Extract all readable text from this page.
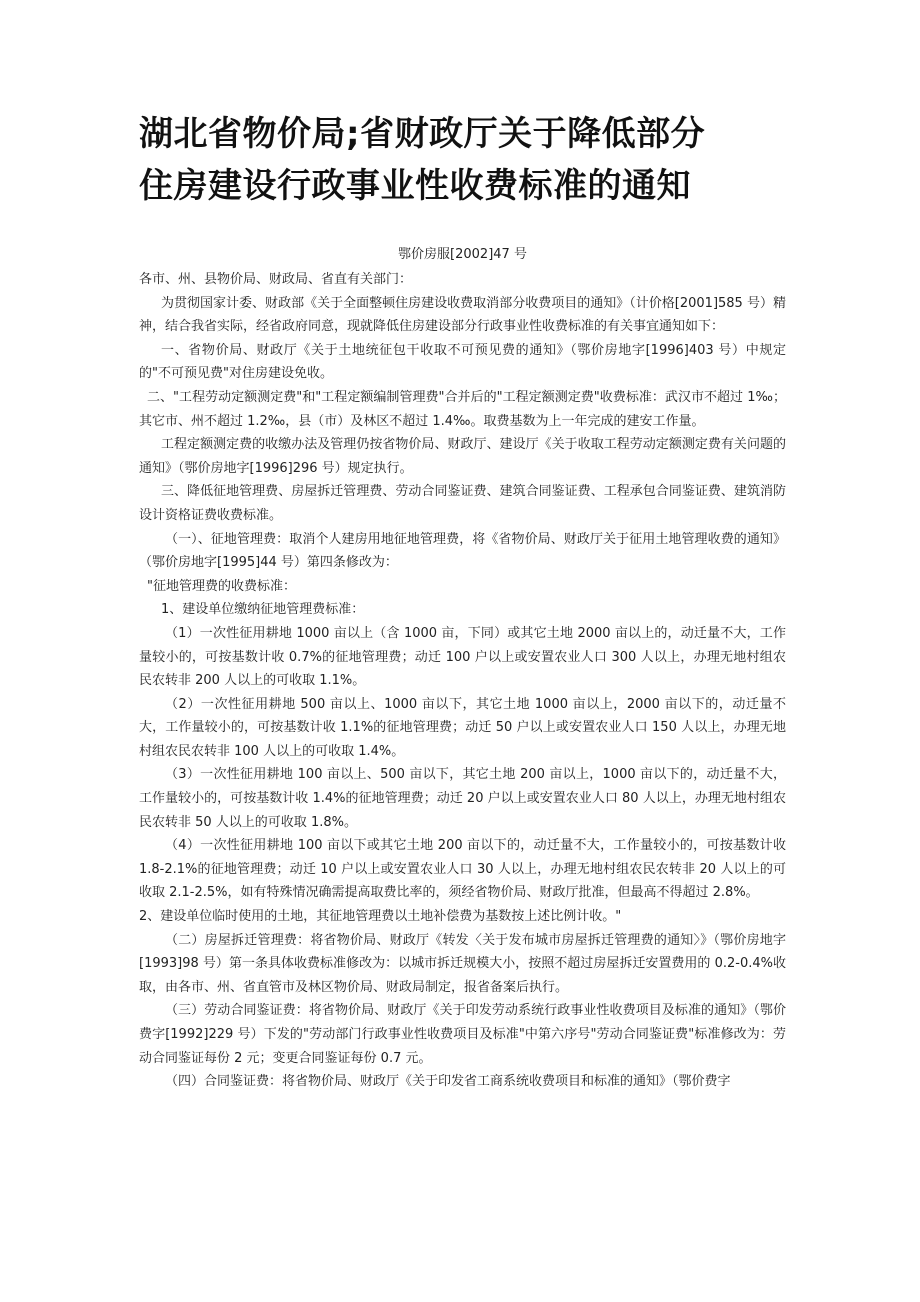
湖北省物价局;省财政厅关于降低部分
住房建设行政事业性收费标准的通知
鄂价房服[2002]47 号

各市、州、县物价局、财政局、省直有关部门：

为贯彻国家计委、财政部《关于全面整顿住房建设收费取消部分收费项目的通知》（计价格[2001]585 号）精神，结合我省实际，经省政府同意，现就降低住房建设部分行政事业性收费标准的有关事宜通知如下：

一、省物价局、财政厅《关于土地统征包干收取不可预见费的通知》（鄂价房地字[1996]403 号）中规定的"不可预见费"对住房建设免收。

二、"工程劳动定额测定费"和"工程定额编制管理费"合并后的"工程定额测定费"收费标准：武汉市不超过 1‰；其它市、州不超过 1.2‰，县（市）及林区不超过 1.4‰。取费基数为上一年完成的建安工作量。

工程定额测定费的收缴办法及管理仍按省物价局、财政厅、建设厅《关于收取工程劳动定额测定费有关问题的通知》（鄂价房地字[1996]296 号）规定执行。

三、降低征地管理费、房屋拆迁管理费、劳动合同鉴证费、建筑合同鉴证费、工程承包合同鉴证费、建筑消防设计资格证费收费标准。

（一）、征地管理费：取消个人建房用地征地管理费，将《省物价局、财政厅关于征用土地管理收费的通知》（鄂价房地字[1995]44 号）第四条修改为：

"征地管理费的收费标准：

1、建设单位缴纳征地管理费标准：

（1）一次性征用耕地 1000 亩以上（含 1000 亩，下同）或其它土地 2000 亩以上的，动迁量不大，工作量较小的，可按基数计收 0.7%的征地管理费；动迁 100 户以上或安置农业人口 300 人以上，办理无地村组农民农转非 200 人以上的可收取 1.1%。

（2）一次性征用耕地 500 亩以上、1000 亩以下，其它土地 1000 亩以上，2000 亩以下的，动迁量不大，工作量较小的，可按基数计收 1.1%的征地管理费；动迁 50 户以上或安置农业人口 150 人以上，办理无地村组农民农转非 100 人以上的可收取 1.4%。

（3）一次性征用耕地 100 亩以上、500 亩以下，其它土地 200 亩以上，1000 亩以下的，动迁量不大，工作量较小的，可按基数计收 1.4%的征地管理费；动迁 20 户以上或安置农业人口 80 人以上，办理无地村组农民农转非 50 人以上的可收取 1.8%。

（4）一次性征用耕地 100 亩以下或其它土地 200 亩以下的，动迁量不大，工作量较小的，可按基数计收 1.8-2.1%的征地管理费；动迁 10 户以上或安置农业人口 30 人以上，办理无地村组农民农转非 20 人以上的可收取 2.1-2.5%，如有特殊情况确需提高取费比率的，须经省物价局、财政厅批准，但最高不得超过 2.8%。

2、建设单位临时使用的土地，其征地管理费以土地补偿费为基数按上述比例计收。"

（二）房屋拆迁管理费：将省物价局、财政厅《转发〈关于发布城市房屋拆迁管理费的通知〉》（鄂价房地字[1993]98 号）第一条具体收费标准修改为：以城市拆迁规模大小，按照不超过房屋拆迁安置费用的 0.2-0.4%收取，由各市、州、省直管市及林区物价局、财政局制定，报省备案后执行。

（三）劳动合同鉴证费：将省物价局、财政厅《关于印发劳动系统行政事业性收费项目及标准的通知》（鄂价费字[1992]229 号）下发的"劳动部门行政事业性收费项目及标准"中第六序号"劳动合同鉴证费"标准修改为：劳动合同鉴证每份 2 元；变更合同鉴证每份 0.7 元。

（四）合同鉴证费：将省物价局、财政厅《关于印发省工商系统收费项目和标准的通知》（鄂价费字
